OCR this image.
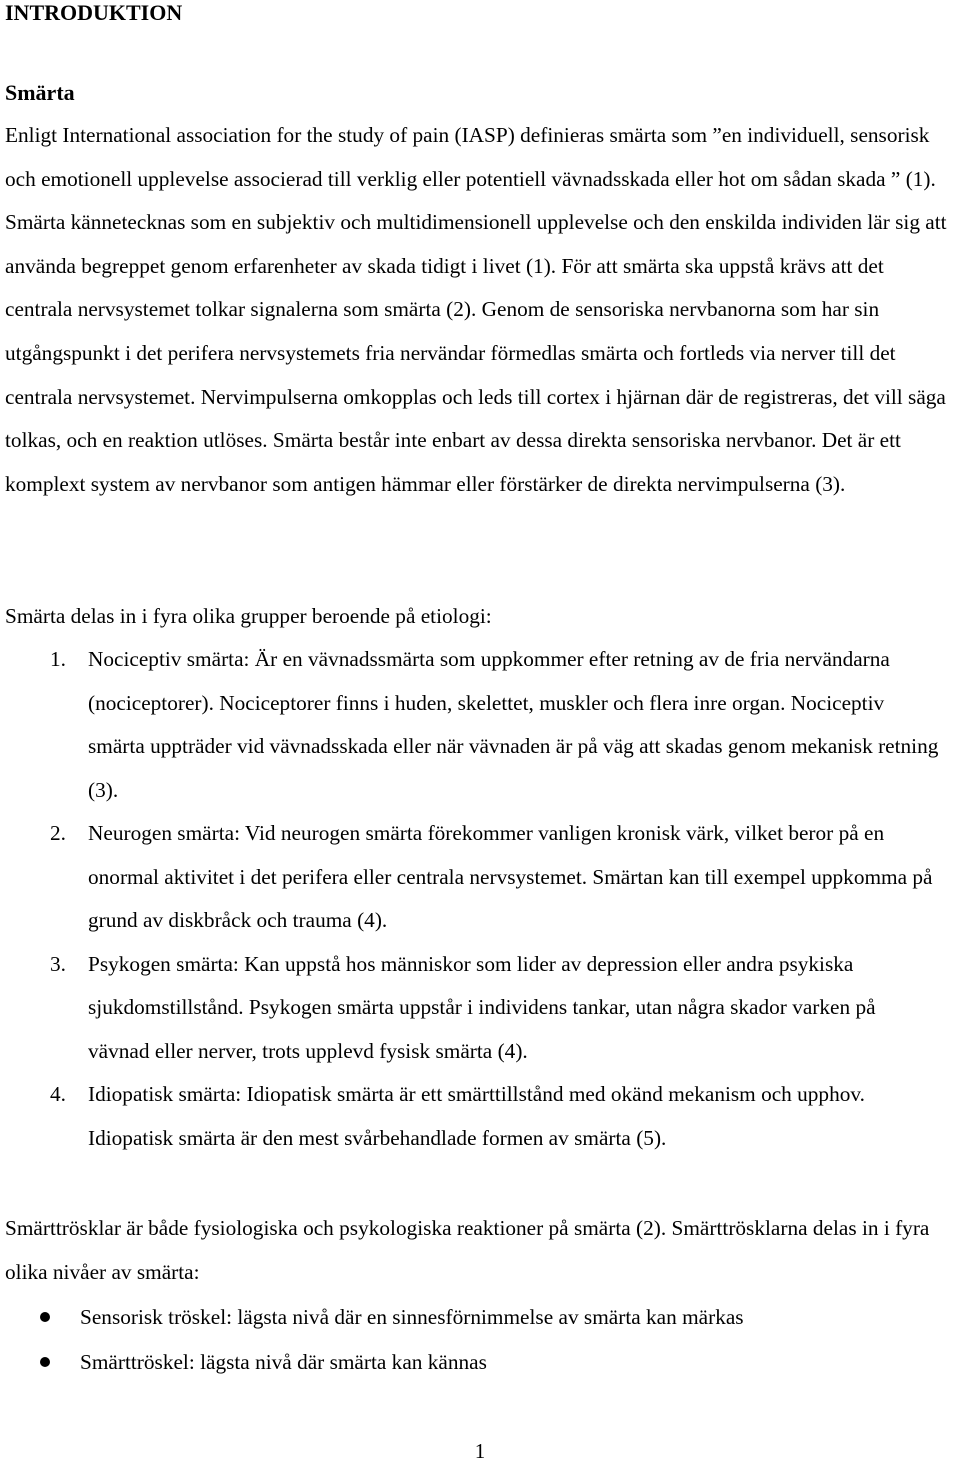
INTRODUKTION
Smärta

Enligt International association for the study of pain (IASP) definieras smärta som ”en individuell, sensorisk och emotionell upplevelse associerad till verklig eller potentiell vävnadsskada eller hot om sådan skada ” (1). Smärta kännetecknas som en subjektiv och multidimensionell upplevelse och den enskilda individen lär sig att använda begreppet genom erfarenheter av skada tidigt i livet (1). För att smärta ska uppstå krävs att det centrala nervsystemet tolkar signalerna som smärta (2). Genom de sensoriska nervbanorna som har sin utgångspunkt i det perifera nervsystemets fria nervändar förmedlas smärta och fortleds via nerver till det centrala nervsystemet. Nervimpulserna omkopplas och leds till cortex i hjärnan där de registreras, det vill säga tolkas, och en reaktion utlöses. Smärta består inte enbart av dessa direkta sensoriska nervbanor. Det är ett komplext system av nervbanor som antigen hämmar eller förstärker de direkta nervimpulserna (3).

Smärta delas in i fyra olika grupper beroende på etiologi:

1. Nociceptiv smärta: Är en vävnadssmärta som uppkommer efter retning av de fria nervändarna (nociceptorer). Nociceptorer finns i huden, skelettet, muskler och flera inre organ. Nociceptiv smärta uppträder vid vävnadsskada eller när vävnaden är på väg att skadas genom mekanisk retning (3).
2. Neurogen smärta: Vid neurogen smärta förekommer vanligen kronisk värk, vilket beror på en onormal aktivitet i det perifera eller centrala nervsystemet. Smärtan kan till exempel uppkomma på grund av diskbråck och trauma (4).
3. Psykogen smärta: Kan uppstå hos människor som lider av depression eller andra psykiska sjukdomstillstånd. Psykogen smärta uppstår i individens tankar, utan några skador varken på vävnad eller nerver, trots upplevd fysisk smärta (4).
4. Idiopatisk smärta: Idiopatisk smärta är ett smärttillstånd med okänd mekanism och upphov. Idiopatisk smärta är den mest svårbehandlade formen av smärta (5).

Smärttrösklar är både fysiologiska och psykologiska reaktioner på smärta (2). Smärttrösklarna delas in i fyra olika nivåer av smärta:

Sensorisk tröskel: lägsta nivå där en sinnesförnimmelse av smärta kan märkas
Smärttröskel: lägsta nivå där smärta kan kännas
1
